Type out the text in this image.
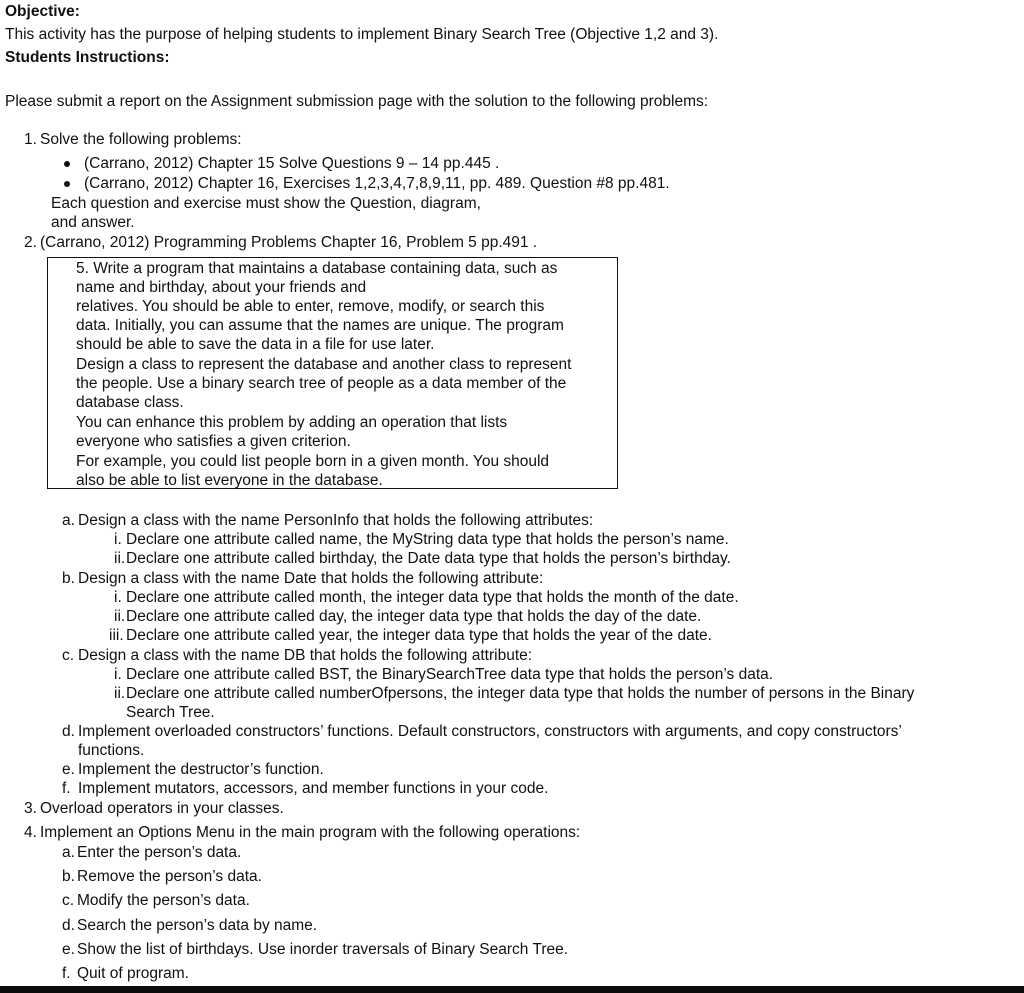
Objective:
This activity has the purpose of helping students to implement Binary Search Tree (Objective 1,2 and 3).
Students Instructions:
Please submit a report on the Assignment submission page with the solution to the following problems:
1. Solve the following problems:
(Carrano, 2012) Chapter 15 Solve Questions 9 – 14 pp.445 .
(Carrano, 2012) Chapter 16, Exercises 1,2,3,4,7,8,9,11, pp. 489. Question #8 pp.481.
Each question and exercise must show the Question, diagram,
and answer.
2. (Carrano, 2012) Programming Problems Chapter 16, Problem 5 pp.491 .
5. Write a program that maintains a database containing data, such as
name and birthday, about your friends and
relatives. You should be able to enter, remove, modify, or search this
data. Initially, you can assume that the names are unique. The program
should be able to save the data in a file for use later.
Design a class to represent the database and another class to represent
the people. Use a binary search tree of people as a data member of the
database class.
You can enhance this problem by adding an operation that lists
everyone who satisfies a given criterion.
For example, you could list people born in a given month. You should
also be able to list everyone in the database.
a. Design a class with the name PersonInfo that holds the following attributes:
i. Declare one attribute called name, the MyString data type that holds the person’s name.
ii. Declare one attribute called birthday, the Date data type that holds the person’s birthday.
b. Design a class with the name Date that holds the following attribute:
i. Declare one attribute called month, the integer data type that holds the month of the date.
ii. Declare one attribute called day, the integer data type that holds the day of the date.
iii. Declare one attribute called year, the integer data type that holds the year of the date.
c. Design a class with the name DB that holds the following attribute:
i. Declare one attribute called BST, the BinarySearchTree data type that holds the person’s data.
ii. Declare one attribute called numberOfpersons, the integer data type that holds the number of persons in the Binary
Search Tree.
d. Implement overloaded constructors’ functions. Default constructors, constructors with arguments, and copy constructors’
functions.
e. Implement the destructor’s function.
f. Implement mutators, accessors, and member functions in your code.
3. Overload operators in your classes.
4. Implement an Options Menu in the main program with the following operations:
a. Enter the person’s data.
b. Remove the person’s data.
c. Modify the person’s data.
d. Search the person’s data by name.
e. Show the list of birthdays. Use inorder traversals of Binary Search Tree.
f. Quit of program.
